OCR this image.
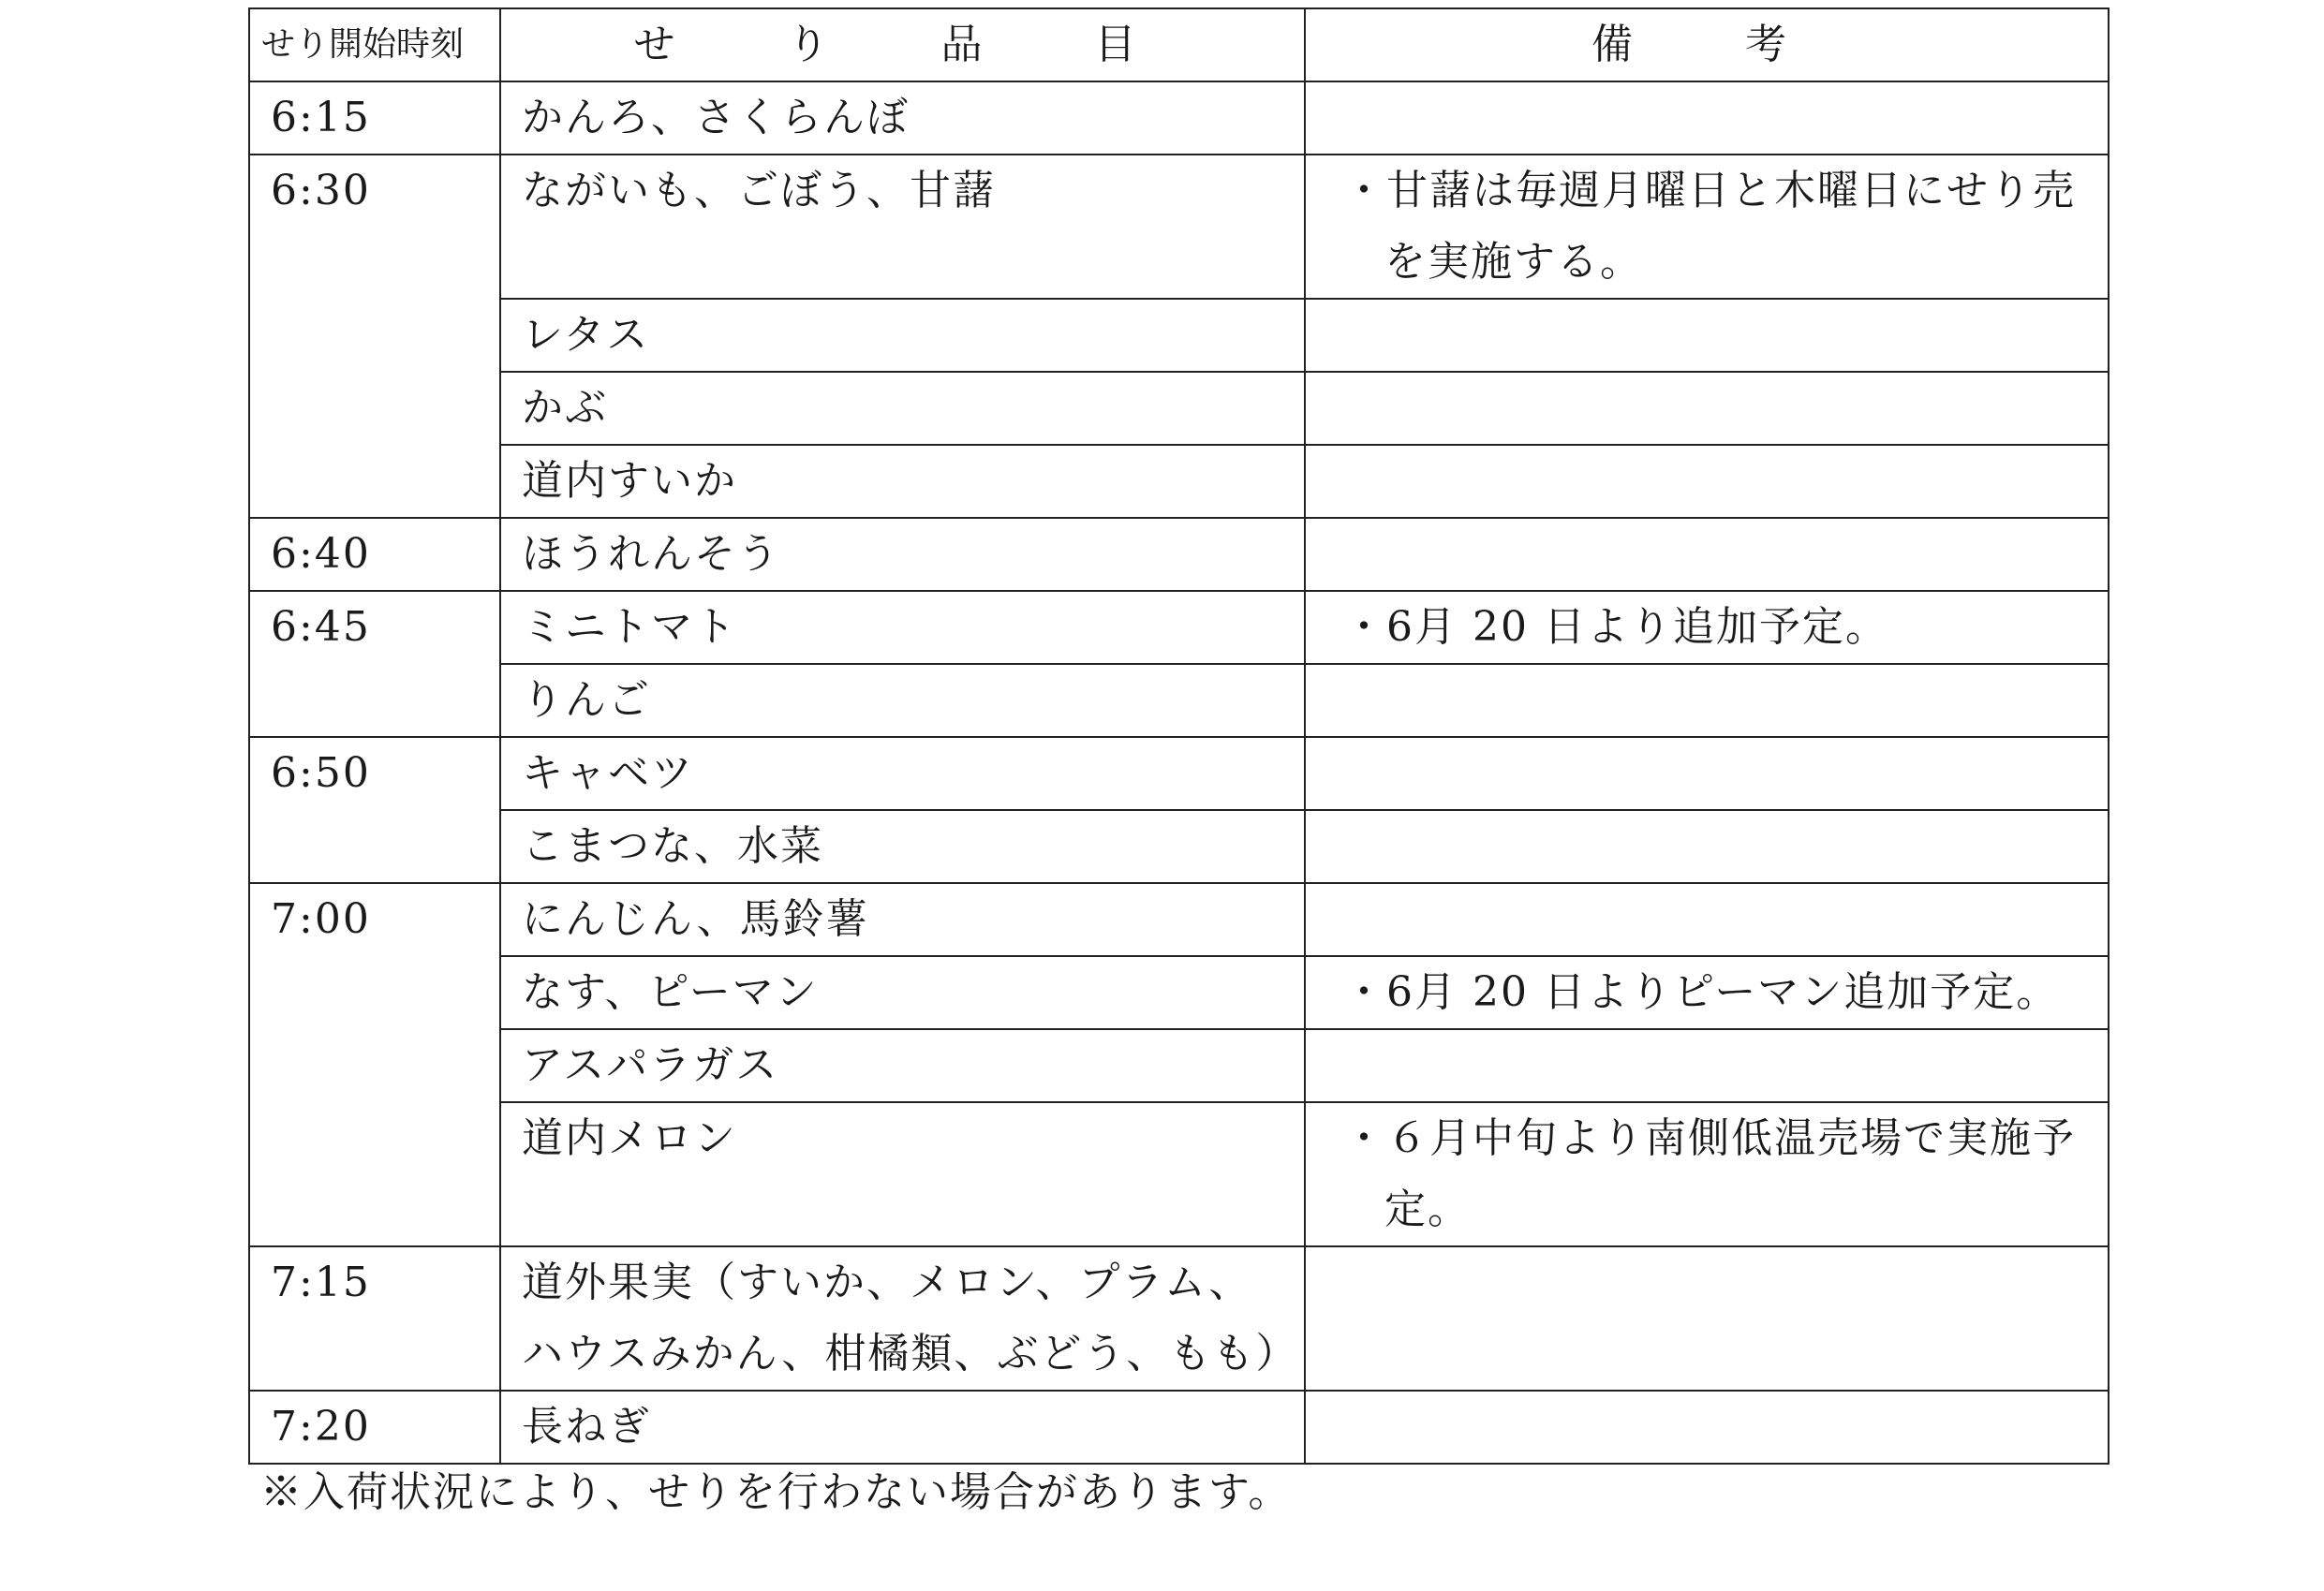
せり開始時刻	せ　り　品　目	備　考
6:15	かんろ、さくらんぼ	

6:30	ながいも、ごぼう、甘藷	・甘藷は毎週月曜日と木曜日にせり売を実施する。

	レタス	

	かぶ	

	道内すいか	

6:40	ほうれんそう	

6:45	ミニトマト	・6月 20 日より追加予定。

	りんご	

6:50	キャベツ	

	こまつな、水菜	

7:00	にんじん、馬鈴薯	

	なす、ピーマン	・6月 20 日よりピーマン追加予定。

	アスパラガス	

	道内メロン	・６月中旬より南側低温売場で実施予定。

7:15	道外果実（すいか、メロン、プラム、ハウスみかん、柑橘類、ぶどう、もも）	

7:20	長ねぎ	
※入荷状況により、せりを行わない場合があります。
